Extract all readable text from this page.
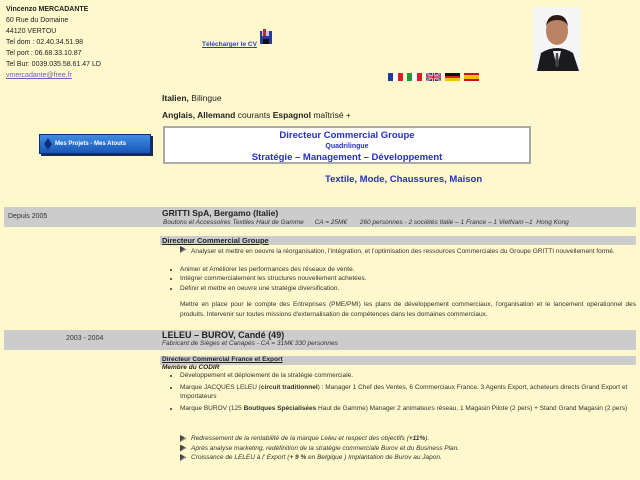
Vincenzo MERCADANTE
60 Rue du Domaine
44120 VERTOU
Tel dom : 02.40.34.51.98
Tel port : 06.68.33.10.87
Tel Bur: 0039.035.58.61.47 LD
vmercadante@free.fr
Télécharger le CV
Italien, Bilingue
Anglais, Allemand courants Espagnol maîtrisé +
Mes Projets - Mes Atouts
Directeur Commercial Groupe
Quadrilingue
Stratégie – Management – Développement
Textile, Mode, Chaussures, Maison
Depuis 2005	GRITTI SpA, Bergamo (Italie)
Boutons et Accessoires Textiles Haut de Gamme      CA = 25M€       260 personnes - 2 sociétés Italie – 1 France – 1 VietNam –1  Hong Kong
Directeur Commercial Groupe
Analyser et mettre en oeuvre la réorganisation, l'intégration, et l'optimisation des ressources Commerciales du Groupe GRITTI nouvellement formé.
• Animer et Améliorer les performances des réseaux de vente.
• Intégrer commercialement les structures nouvellement achetées.
• Définir et mettre en oeuvre une stratégie diversification.
Mettre en place pour le compte des Entreprises (PME/PMI) les plans de développement commerciaux, l'organisation et le lancement opérationnel des produits. Intervenir sur toutes missions d'externalisation de compétences dans les domaines commerciaux.
2003 - 2004	LELEU – BUROV, Candé (49)
Fabricant de Sièges et Canapés - CA = 31M€ 330 personnes
Directeur Commercial France et Export
Membre du CODIR
• Développement et déploiement de la stratégie commerciale.
• Marque JACQUES LELEU (circuit traditionnel) : Manager 1 Chef des Ventes, 6 Commerciaux France, 3 Agents Export, acheteurs directs Grand Export et Importateurs
• Marque BUROV (125 Boutiques Spécialisées Haut de Gamme) Manager 2 animateurs réseau, 1 Magasin Pilote (2 pers) + Stand Grand Magasin (2 pers)
Redressement de la rentabilité de la marque Leleu et respect des objectifs (+11%).
Après analyse marketing, redéfinition de la stratégie commerciale Burov et du Business Plan.
Croissance de LELEU à l' Export (+ 9 % en Belgique ) Implantation de Burov au Japon.
